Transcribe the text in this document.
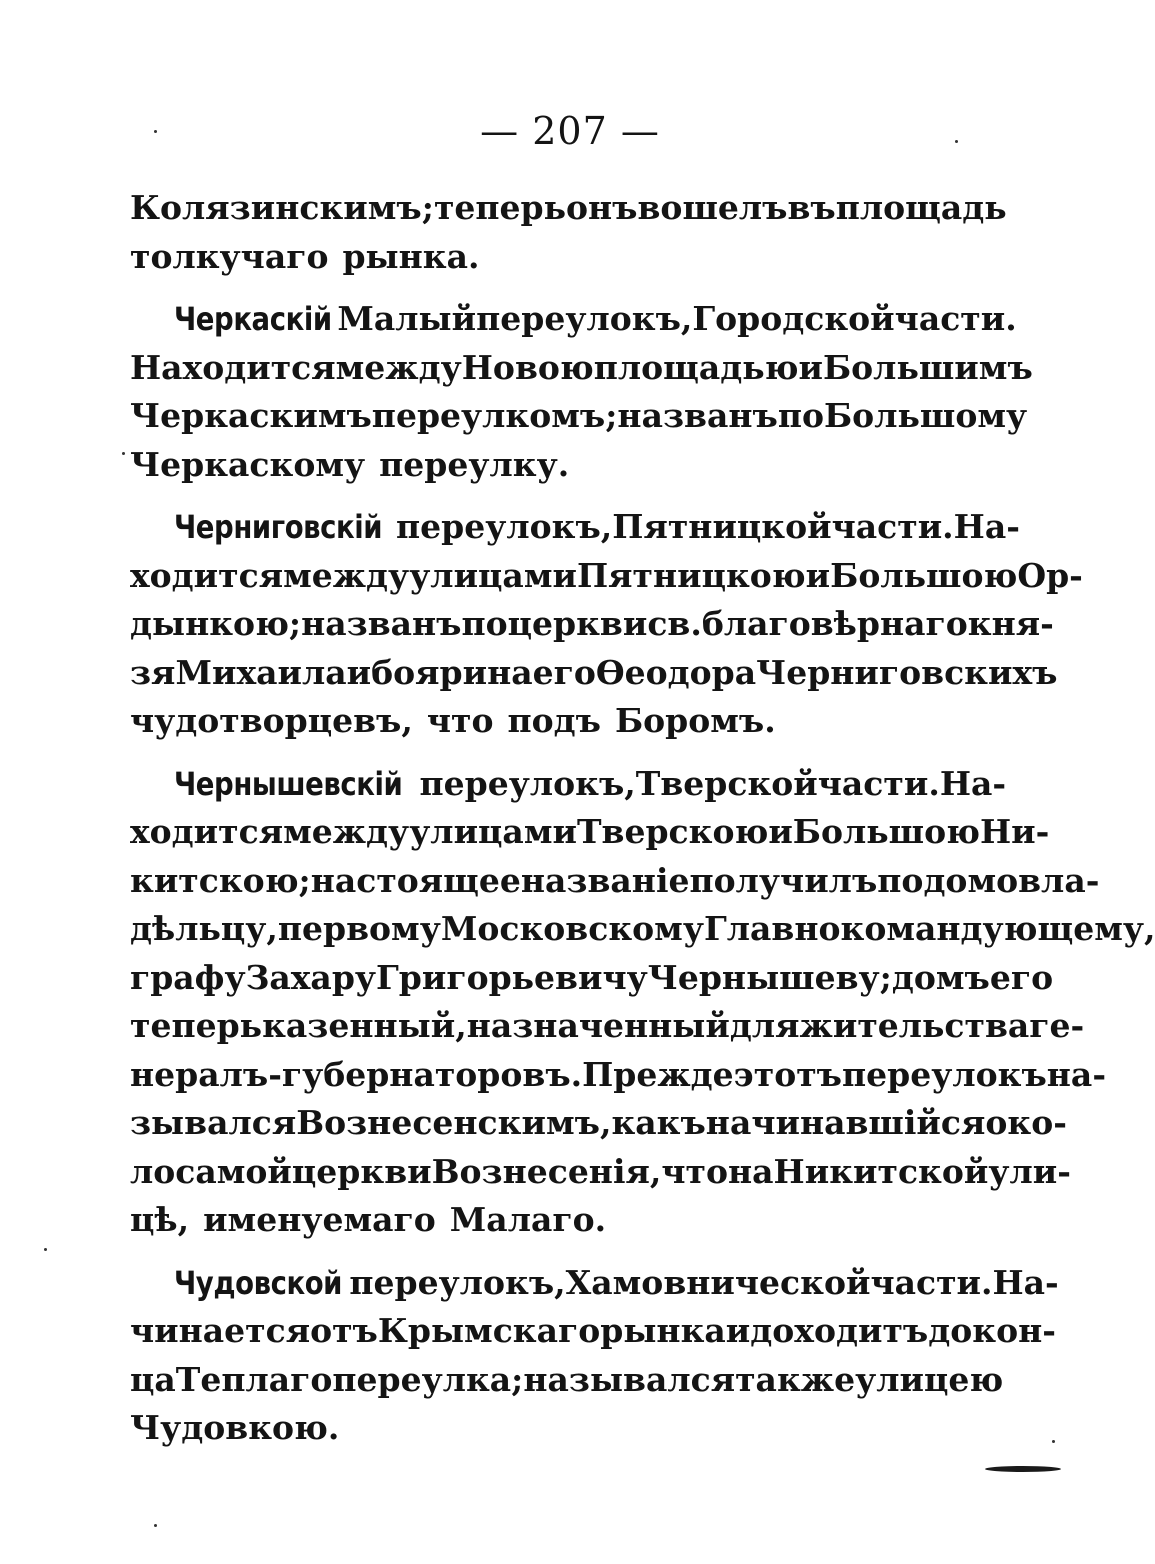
— 207 —
Колязинскимъ; теперь онъ вошелъ въ площадь
толкучаго рынка.
Черкаскій Малый переулокъ, Городской части.
Находится между Новою площадью и Большимъ
Черкаскимъ переулкомъ; названъ по Большому
Черкаскому переулку.
Черниговскій переулокъ, Пятницкой части. На-
ходится между улицами Пятницкою и Большою Ор-
дынкою; названъ по церкви св. благовѣрнаго кня-
зя Михаила и боярина его Ѳеодора Черниговскихъ
чудотворцевъ, что подъ Боромъ.
Чернышевскій переулокъ, Тверской части. На-
ходится между улицами Тверскою и Большою Ни-
китскою; настоящее названіе получилъ по домовла-
дѣльцу, первому Московскому Главнокомандующему,
графу Захару Григорьевичу Чернышеву; домъ его
теперь казенный, назначенный для жительства ге-
нералъ-губернаторовъ. Прежде этотъ переулокъ на-
зывался Вознесенскимъ, какъ начинавшійся око-
ло самой церкви Вознесенія, что на Никитской ули-
цѣ, именуемаго Малаго.
Чудовской переулокъ, Хамовнической части. На-
чинается отъ Крымскаго рынка и доходитъ до кон-
ца Теплаго переулка; назывался также улицею
Чудовкою.
